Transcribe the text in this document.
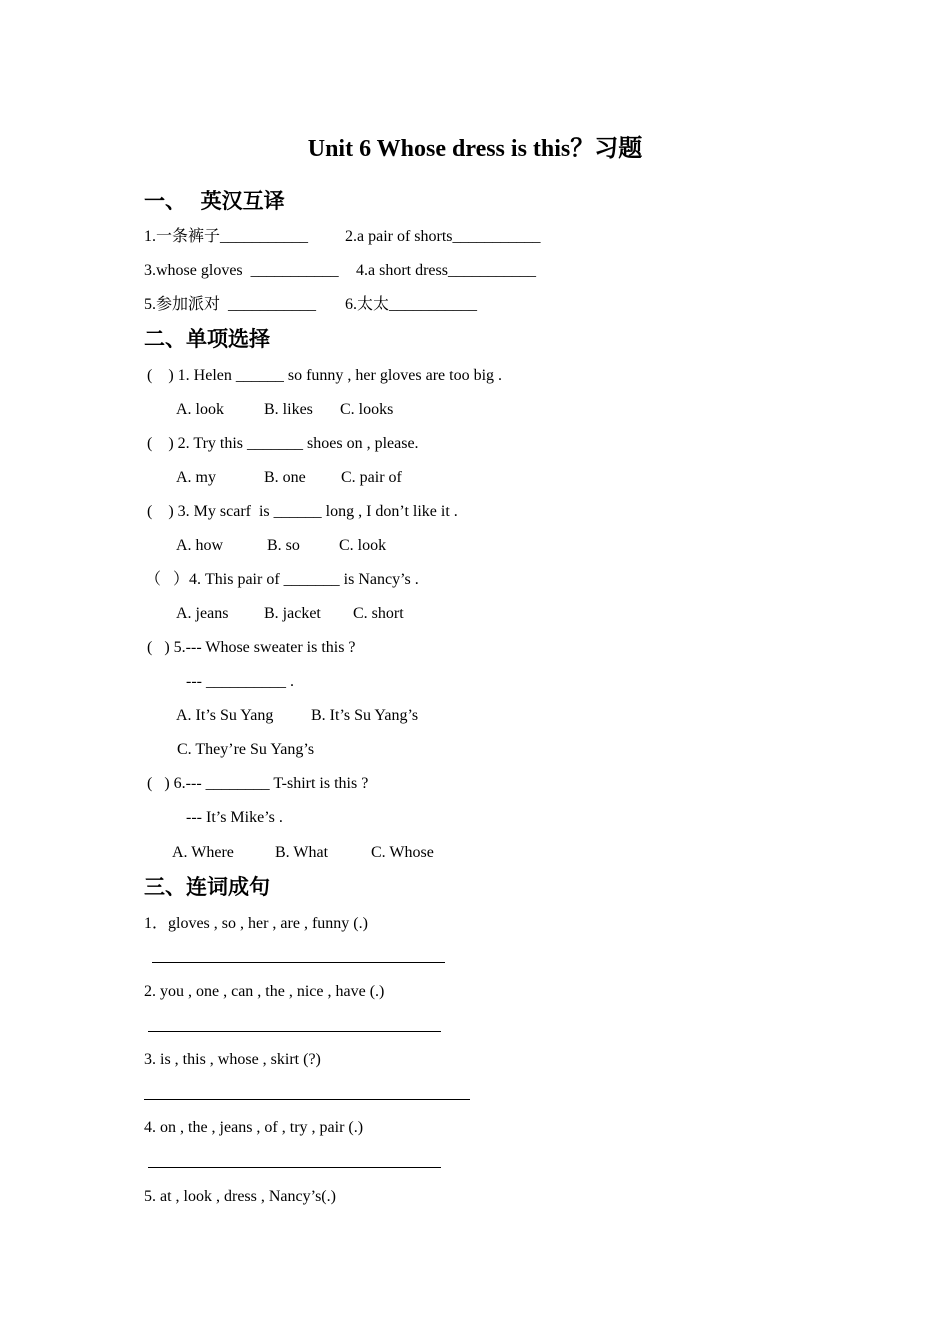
Unit 6 Whose dress is this？习题
一、  英汉互译
1.一条裤子___________ 2.a pair of shorts___________
3.whose gloves  ___________ 4.a short dress___________
5.参加派对  ___________ 6.太太___________
二、单项选择
(    ) 1. Helen ______ so funny , her gloves are too big .
A. look	B. likes C. looks
(    ) 2. Try this _______ shoes on , please.
A. my	B. one C. pair of
(    ) 3. My scarf  is ______ long , I don’t like it .
A. how	B. so C. look
（   ）4. This pair of _______ is Nancy’s .
A. jeans B. jacket C. short
(   ) 5.--- Whose sweater is this ?
--- __________ .
A. It’s Su Yang B. It’s Su Yang’s
C. They’re Su Yang’s
(   ) 6.--- ________ T-shirt is this ?
--- It’s Mike’s .
A. Where	B. What	C. Whose
三、连词成句
1．gloves , so , her , are , funny (.)
2. you , one , can , the , nice , have (.)
3. is , this , whose , skirt (?)
4. on , the , jeans , of , try , pair (.)
5. at , look , dress , Nancy’s(.)
